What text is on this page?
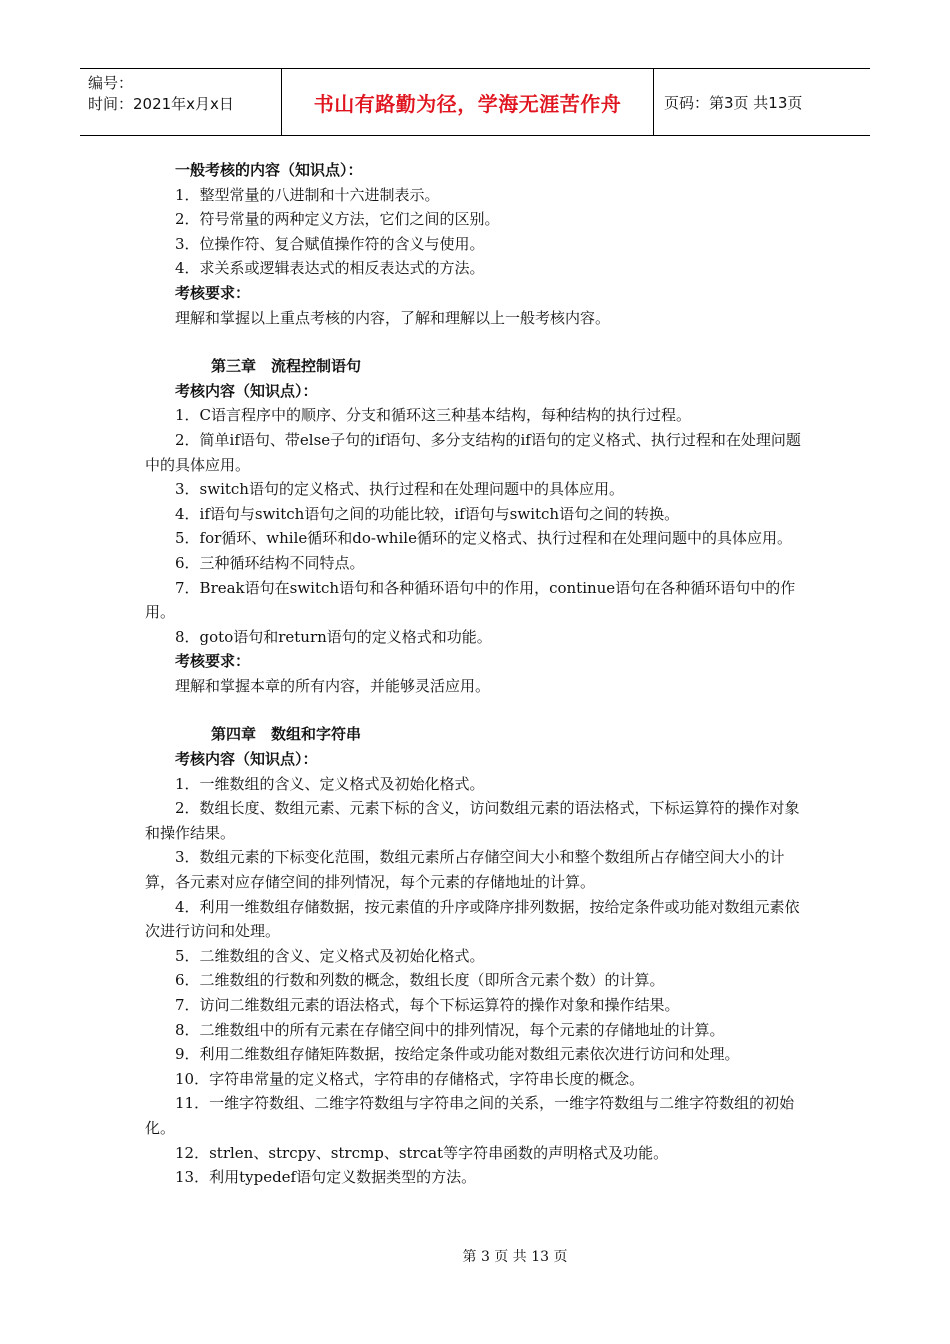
编号：
时间：2021年x月x日	书山有路勤为径，学海无涯苦作舟	页码：第3页 共13页

一般考核的内容（知识点）：

1．整型常量的八进制和十六进制表示。

2．符号常量的两种定义方法，它们之间的区别。

3．位操作符、复合赋值操作符的含义与使用。

4．求关系或逻辑表达式的相反表达式的方法。

考核要求：

理解和掌握以上重点考核的内容，了解和理解以上一般考核内容。

第三章　流程控制语句

考核内容（知识点）：

1．C语言程序中的顺序、分支和循环这三种基本结构，每种结构的执行过程。

2．简单if语句、带else子句的if语句、多分支结构的if语句的定义格式、执行过程和在处理问题中的具体应用。

3．switch语句的定义格式、执行过程和在处理问题中的具体应用。

4．if语句与switch语句之间的功能比较，if语句与switch语句之间的转换。

5．for循环、while循环和do-while循环的定义格式、执行过程和在处理问题中的具体应用。

6．三种循环结构不同特点。

7．Break语句在switch语句和各种循环语句中的作用，continue语句在各种循环语句中的作用。

8．goto语句和return语句的定义格式和功能。

考核要求：

理解和掌握本章的所有内容，并能够灵活应用。

第四章　数组和字符串

考核内容（知识点）：

1．一维数组的含义、定义格式及初始化格式。

2．数组长度、数组元素、元素下标的含义，访问数组元素的语法格式，下标运算符的操作对象和操作结果。

3．数组元素的下标变化范围，数组元素所占存储空间大小和整个数组所占存储空间大小的计算，各元素对应存储空间的排列情况，每个元素的存储地址的计算。

4．利用一维数组存储数据，按元素值的升序或降序排列数据，按给定条件或功能对数组元素依次进行访问和处理。

5．二维数组的含义、定义格式及初始化格式。

6．二维数组的行数和列数的概念，数组长度（即所含元素个数）的计算。

7．访问二维数组元素的语法格式，每个下标运算符的操作对象和操作结果。

8．二维数组中的所有元素在存储空间中的排列情况，每个元素的存储地址的计算。

9．利用二维数组存储矩阵数据，按给定条件或功能对数组元素依次进行访问和处理。

10．字符串常量的定义格式，字符串的存储格式，字符串长度的概念。

11．一维字符数组、二维字符数组与字符串之间的关系，一维字符数组与二维字符数组的初始化。

12．strlen、strcpy、strcmp、strcat等字符串函数的声明格式及功能。

13．利用typedef语句定义数据类型的方法。

第 3 页 共 13 页
